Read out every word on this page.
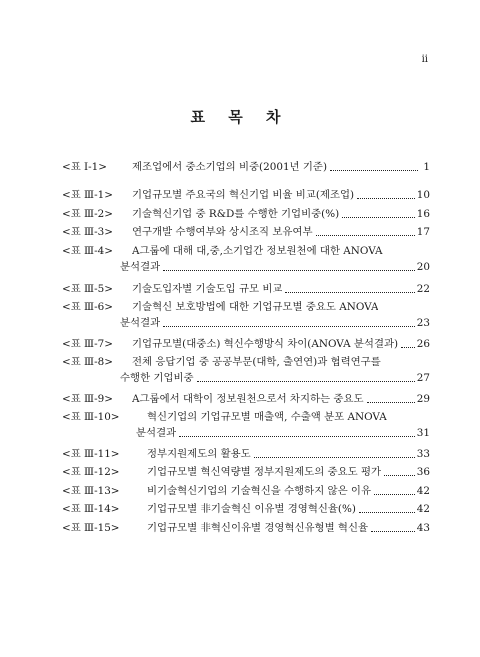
ii
표 목 차
<표 Ⅰ-1>	제조업에서 중소기업의 비중(2001년 기준)	1
<표 Ⅲ-1>	기업규모별 주요국의 혁신기업 비율 비교(제조업)	10
<표 Ⅲ-2>	기술혁신기업 중 R&D를 수행한 기업비중(%)	16
<표 Ⅲ-3>	연구개발 수행여부와 상시조직 보유여부	17
<표 Ⅲ-4>	A그룹에 대해 대,중,소기업간 정보원천에 대한 ANOVA
분석결과	20
<표 Ⅲ-5>	기술도입자별 기술도입 규모 비교	22
<표 Ⅲ-6>	기술혁신 보호방법에 대한 기업규모별 중요도 ANOVA
분석결과	23
<표 Ⅲ-7>	기업규모별(대중소) 혁신수행방식 차이(ANOVA 분석결과) 26
<표 Ⅲ-8>	전체 응답기업 중 공공부문(대학, 출연연)과 협력연구를
수행한 기업비중	27
<표 Ⅲ-9>	A그룹에서 대학이 정보원천으로서 차지하는 중요도	29
<표 Ⅲ-10>	혁신기업의 기업규모별 매출액, 수출액 분포 ANOVA
분석결과	31
<표 Ⅲ-11>	정부지원제도의 활용도	33
<표 Ⅲ-12>	기업규모별 혁신역량별 정부지원제도의 중요도 평가	36
<표 Ⅲ-13>	비기술혁신기업의 기술혁신을 수행하지 않은 이유	42
<표 Ⅲ-14>	기업규모별 非기술혁신 이유별 경영혁신율(%)	42
<표 Ⅲ-15>	기업규모별 非혁신이유별 경영혁신유형별 혁신율	43
